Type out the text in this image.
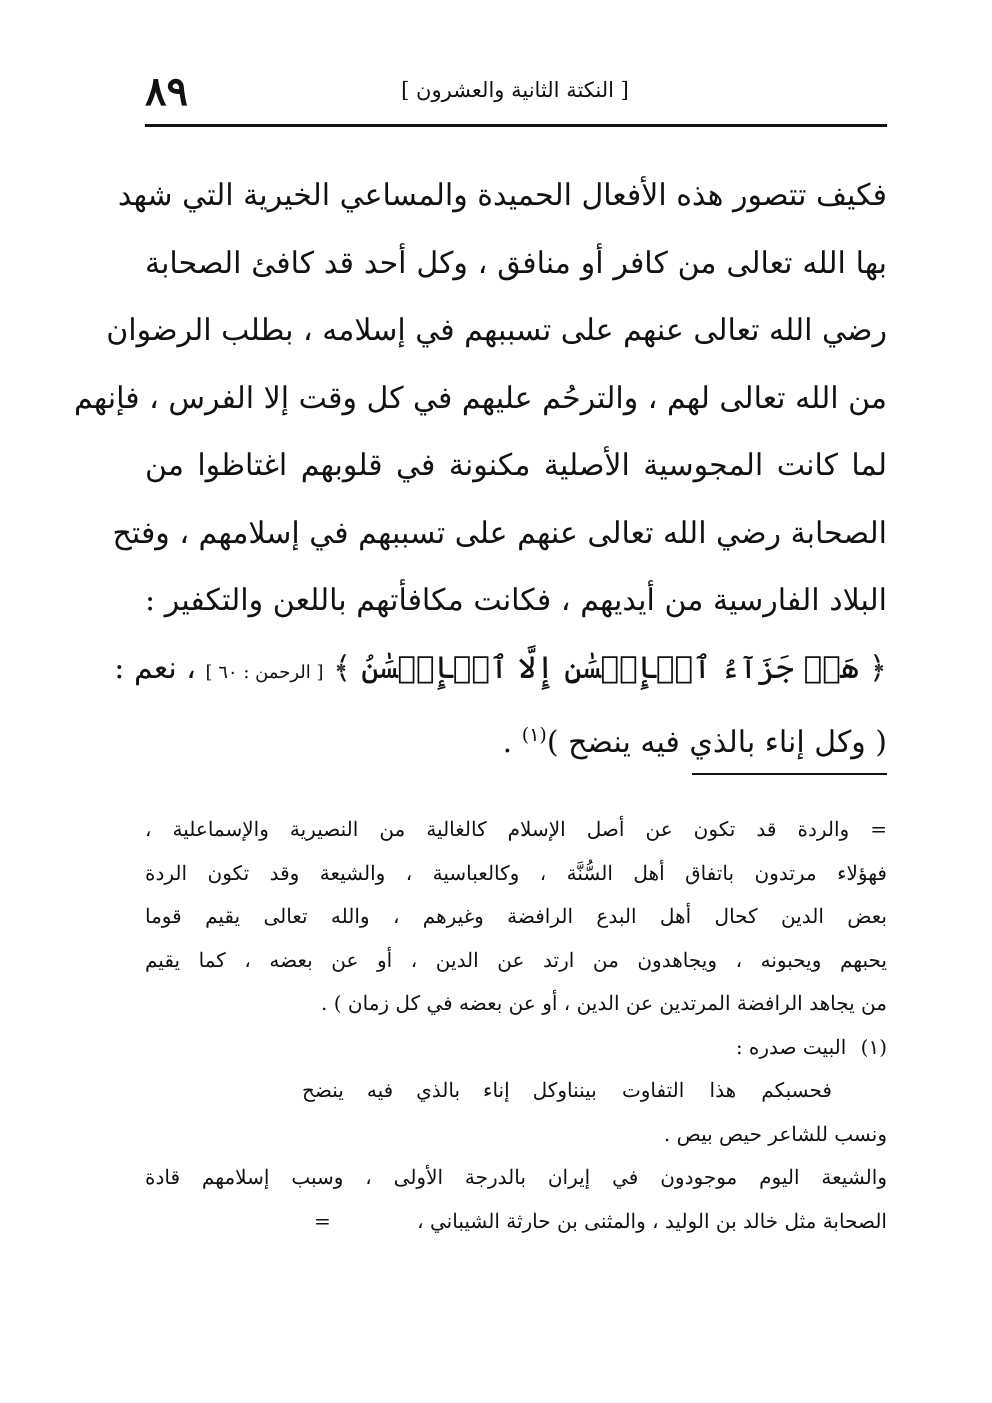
٨٩	[ النكتة الثانية والعشرون ]
فكيف تتصور هذه الأفعال الحميدة والمساعي الخيرية التي شهد
بها الله تعالى من كافر أو منافق ، وكل أحد قد كافئ الصحابة
رضي الله تعالى عنهم على تسببهم في إسلامه ، بطلب الرضوان
من الله تعالى لهم ، والترحُم عليهم في كل وقت إلا الفرس ، فإنهم
لما كانت المجوسية الأصلية مكنونة في قلوبهم اغتاظوا من
الصحابة رضي الله تعالى عنهم على تسببهم في إسلامهم ، وفتح
البلاد الفارسية من أيديهم ، فكانت مكافأتهم باللعن والتكفير :
﴿ هَلۡ جَزَآءُ ٱلۡإِحۡسَٰنِ إِلَّا ٱلۡإِحۡسَٰنُ ﴾ [ الرحمن : ٦٠ ] ، نعم :
( وكل إناء بالذي فيه ينضح )$^{(١)}$ .
= والردة قد تكون عن أصل الإسلام كالغالية من النصيرية والإسماعلية ،
فهؤلاء مرتدون باتفاق أهل السُّنَّة ، وكالعباسية ، والشيعة وقد تكون الردة
بعض الدين كحال أهل البدع الرافضة وغيرهم ، والله تعالى يقيم قوما
يحبهم ويحبونه ، ويجاهدون من ارتد عن الدين ، أو عن بعضه ، كما يقيم
من يجاهد الرافضة المرتدين عن الدين ، أو عن بعضه في كل زمان ) .
(١) البيت صدره :
فحسبكم هذا التفاوت بيننا
وكل إناء بالذي فيه ينضح
ونسب للشاعر حيص بيص .
والشيعة اليوم موجودون في إيران بالدرجة الأولى ، وسبب إسلامهم قادة
الصحابة مثل خالد بن الوليد ، والمثنى بن حارثة الشيباني ، =
